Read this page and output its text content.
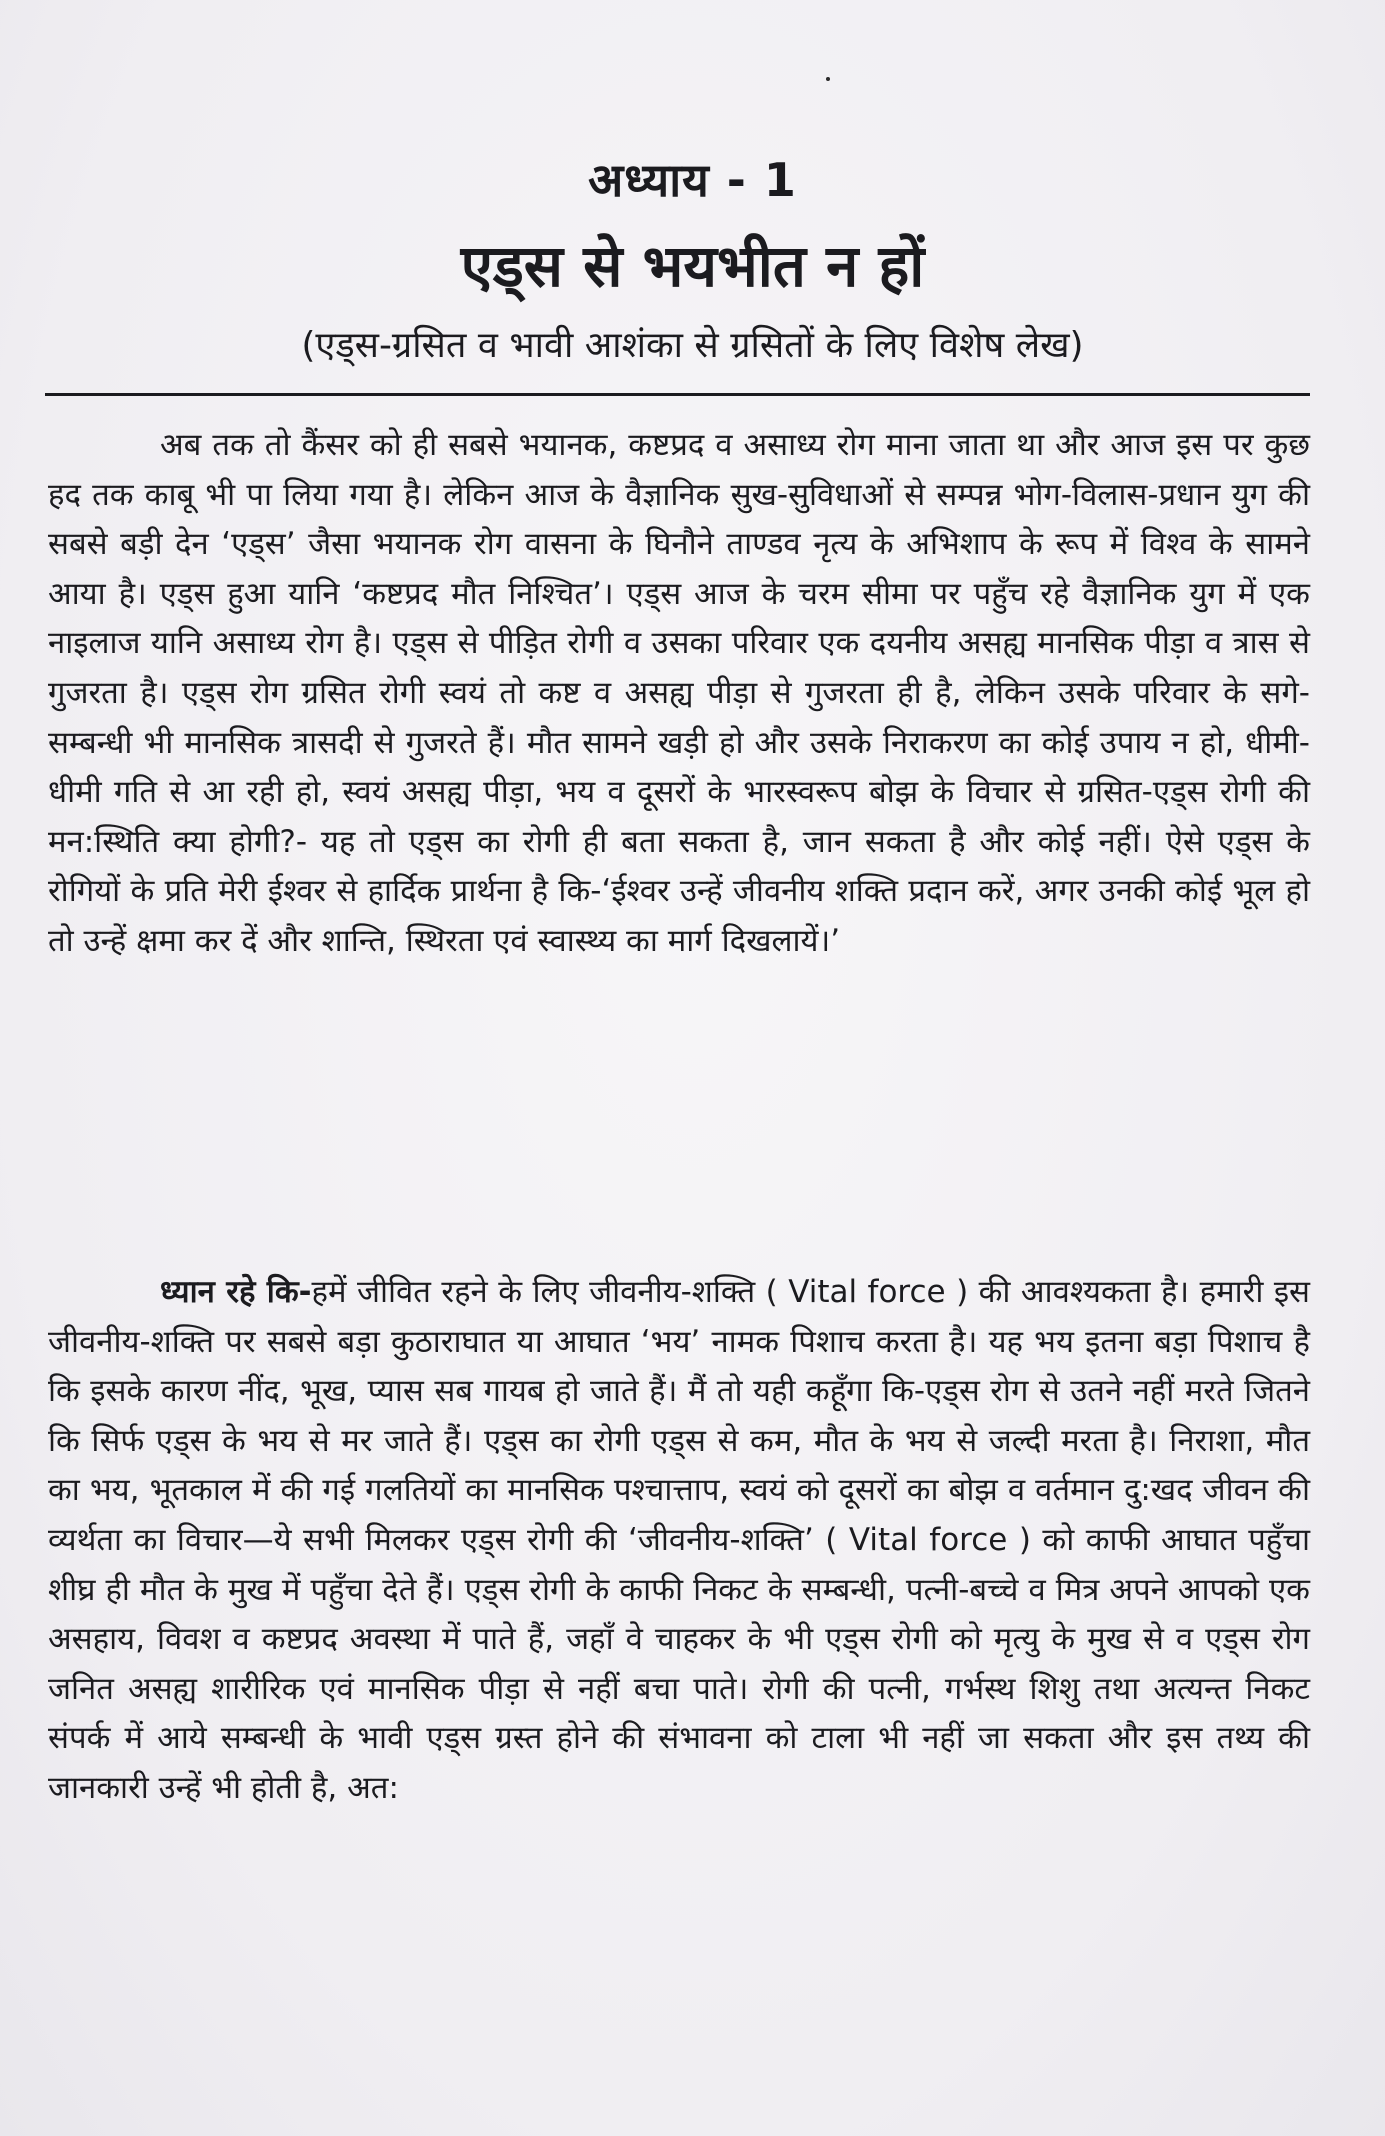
अध्याय - 1
एड्स से भयभीत न हों
(एड्स-ग्रसित व भावी आशंका से ग्रसितों के लिए विशेष लेख)

अब तक तो कैंसर को ही सबसे भयानक, कष्टप्रद व असाध्य रोग माना जाता था और आज इस पर कुछ हद तक काबू भी पा लिया गया है। लेकिन आज के वैज्ञानिक सुख-सुविधाओं से सम्पन्न भोग-विलास-प्रधान युग की सबसे बड़ी देन ‘एड्स’ जैसा भयानक रोग वासना के घिनौने ताण्डव नृत्य के अभिशाप के रूप में विश्व के सामने आया है। एड्स हुआ यानि ‘कष्टप्रद मौत निश्चित’। एड्स आज के चरम सीमा पर पहुँच रहे वैज्ञानिक युग में एक नाइलाज यानि असाध्य रोग है। एड्स से पीड़ित रोगी व उसका परिवार एक दयनीय असह्य मानसिक पीड़ा व त्रास से गुजरता है। एड्स रोग ग्रसित रोगी स्वयं तो कष्ट व असह्य पीड़ा से गुजरता ही है, लेकिन उसके परिवार के सगे-सम्बन्धी भी मानसिक त्रासदी से गुजरते हैं। मौत सामने खड़ी हो और उसके निराकरण का कोई उपाय न हो, धीमी-धीमी गति से आ रही हो, स्वयं असह्य पीड़ा, भय व दूसरों के भारस्वरूप बोझ के विचार से ग्रसित-एड्स रोगी की मन:स्थिति क्या होगी?- यह तो एड्स का रोगी ही बता सकता है, जान सकता है और कोई नहीं। ऐसे एड्स के रोगियों के प्रति मेरी ईश्वर से हार्दिक प्रार्थना है कि-‘ईश्वर उन्हें जीवनीय शक्ति प्रदान करें, अगर उनकी कोई भूल हो तो उन्हें क्षमा कर दें और शान्ति, स्थिरता एवं स्वास्थ्य का मार्ग दिखलायें।’

ध्यान रहे कि-हमें जीवित रहने के लिए जीवनीय-शक्ति ( Vital force ) की आवश्यकता है। हमारी इस जीवनीय-शक्ति पर सबसे बड़ा कुठाराघात या आघात ‘भय’ नामक पिशाच करता है। यह भय इतना बड़ा पिशाच है कि इसके कारण नींद, भूख, प्यास सब गायब हो जाते हैं। मैं तो यही कहूँगा कि-एड्स रोग से उतने नहीं मरते जितने कि सिर्फ एड्स के भय से मर जाते हैं। एड्स का रोगी एड्स से कम, मौत के भय से जल्दी मरता है। निराशा, मौत का भय, भूतकाल में की गई गलतियों का मानसिक पश्चात्ताप, स्वयं को दूसरों का बोझ व वर्तमान दु:खद जीवन की व्यर्थता का विचार—ये सभी मिलकर एड्स रोगी की ‘जीवनीय-शक्ति’ ( Vital force ) को काफी आघात पहुँचा शीघ्र ही मौत के मुख में पहुँचा देते हैं। एड्स रोगी के काफी निकट के सम्बन्धी, पत्नी-बच्चे व मित्र अपने आपको एक असहाय, विवश व कष्टप्रद अवस्था में पाते हैं, जहाँ वे चाहकर के भी एड्स रोगी को मृत्यु के मुख से व एड्स रोग जनित असह्य शारीरिक एवं मानसिक पीड़ा से नहीं बचा पाते। रोगी की पत्नी, गर्भस्थ शिशु तथा अत्यन्त निकट संपर्क में आये सम्बन्धी के भावी एड्स ग्रस्त होने की संभावना को टाला भी नहीं जा सकता और इस तथ्य की जानकारी उन्हें भी होती है, अत:
